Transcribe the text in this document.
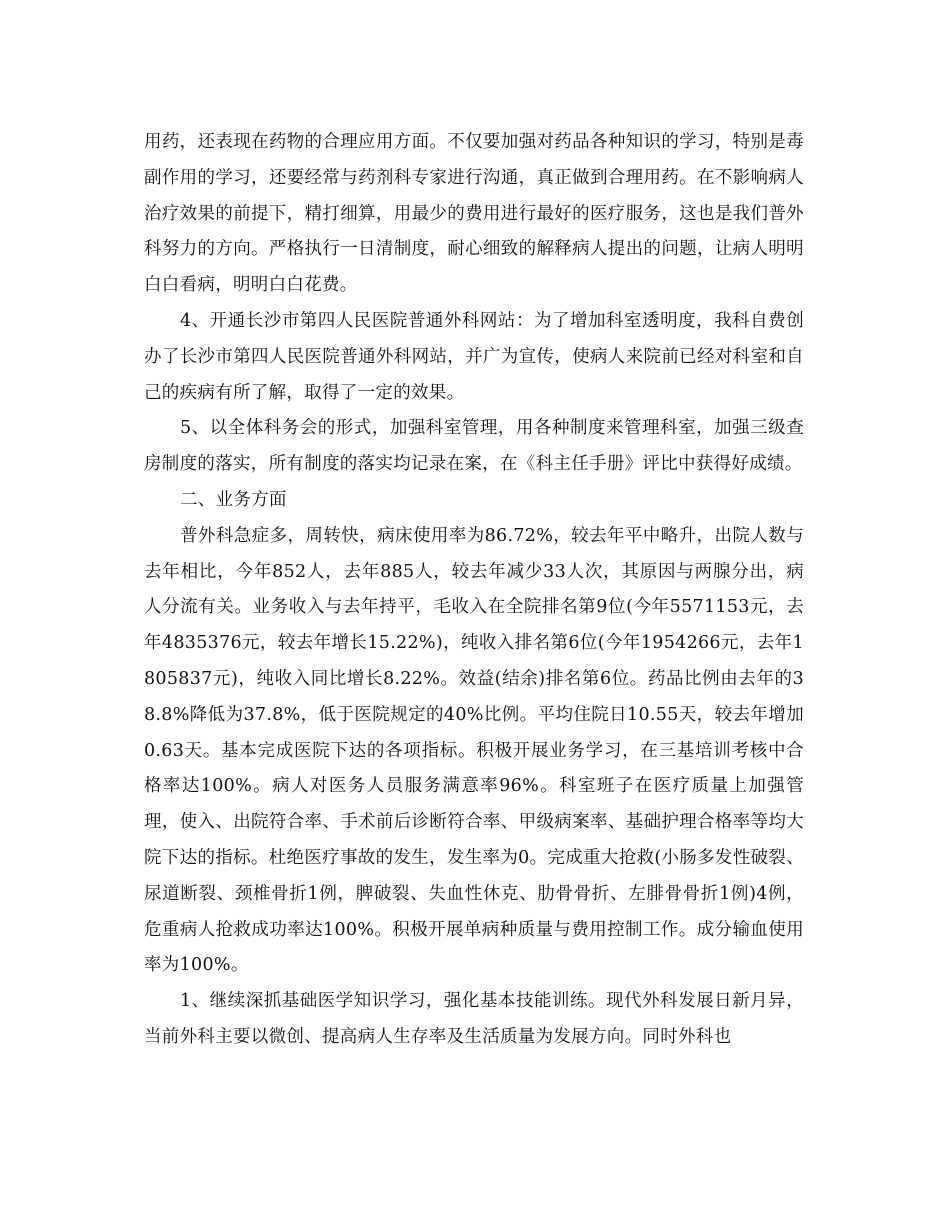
用药，还表现在药物的合理应用方面。不仅要加强对药品各种知识的学习，特别是毒副作用的学习，还要经常与药剂科专家进行沟通，真正做到合理用药。在不影响病人治疗效果的前提下，精打细算，用最少的费用进行最好的医疗服务，这也是我们普外科努力的方向。严格执行一日清制度，耐心细致的解释病人提出的问题，让病人明明白白看病，明明白白花费。

4、开通长沙市第四人民医院普通外科网站：为了增加科室透明度，我科自费创办了长沙市第四人民医院普通外科网站，并广为宣传，使病人来院前已经对科室和自己的疾病有所了解，取得了一定的效果。

5、以全体科务会的形式，加强科室管理，用各种制度来管理科室，加强三级查房制度的落实，所有制度的落实均记录在案，在《科主任手册》评比中获得好成绩。

二、业务方面

普外科急症多，周转快，病床使用率为86.72%，较去年平中略升，出院人数与去年相比，今年852人，去年885人，较去年减少33人次，其原因与两腺分出，病人分流有关。业务收入与去年持平，毛收入在全院排名第9位(今年5571153元，去年4835376元，较去年增长15.22%)，纯收入排名第6位(今年1954266元，去年1805837元)，纯收入同比增长8.22%。效益(结余)排名第6位。药品比例由去年的38.8%降低为37.8%，低于医院规定的40%比例。平均住院日10.55天，较去年增加0.63天。基本完成医院下达的各项指标。积极开展业务学习，在三基培训考核中合格率达100%。病人对医务人员服务满意率96%。科室班子在医疗质量上加强管理，使入、出院符合率、手术前后诊断符合率、甲级病案率、基础护理合格率等均大院下达的指标。杜绝医疗事故的发生，发生率为0。完成重大抢救(小肠多发性破裂、尿道断裂、颈椎骨折1例，脾破裂、失血性休克、肋骨骨折、左腓骨骨折1例)4例，危重病人抢救成功率达100%。积极开展单病种质量与费用控制工作。成分输血使用率为100%。

1、继续深抓基础医学知识学习，强化基本技能训练。现代外科发展日新月异，当前外科主要以微创、提高病人生存率及生活质量为发展方向。同时外科也
